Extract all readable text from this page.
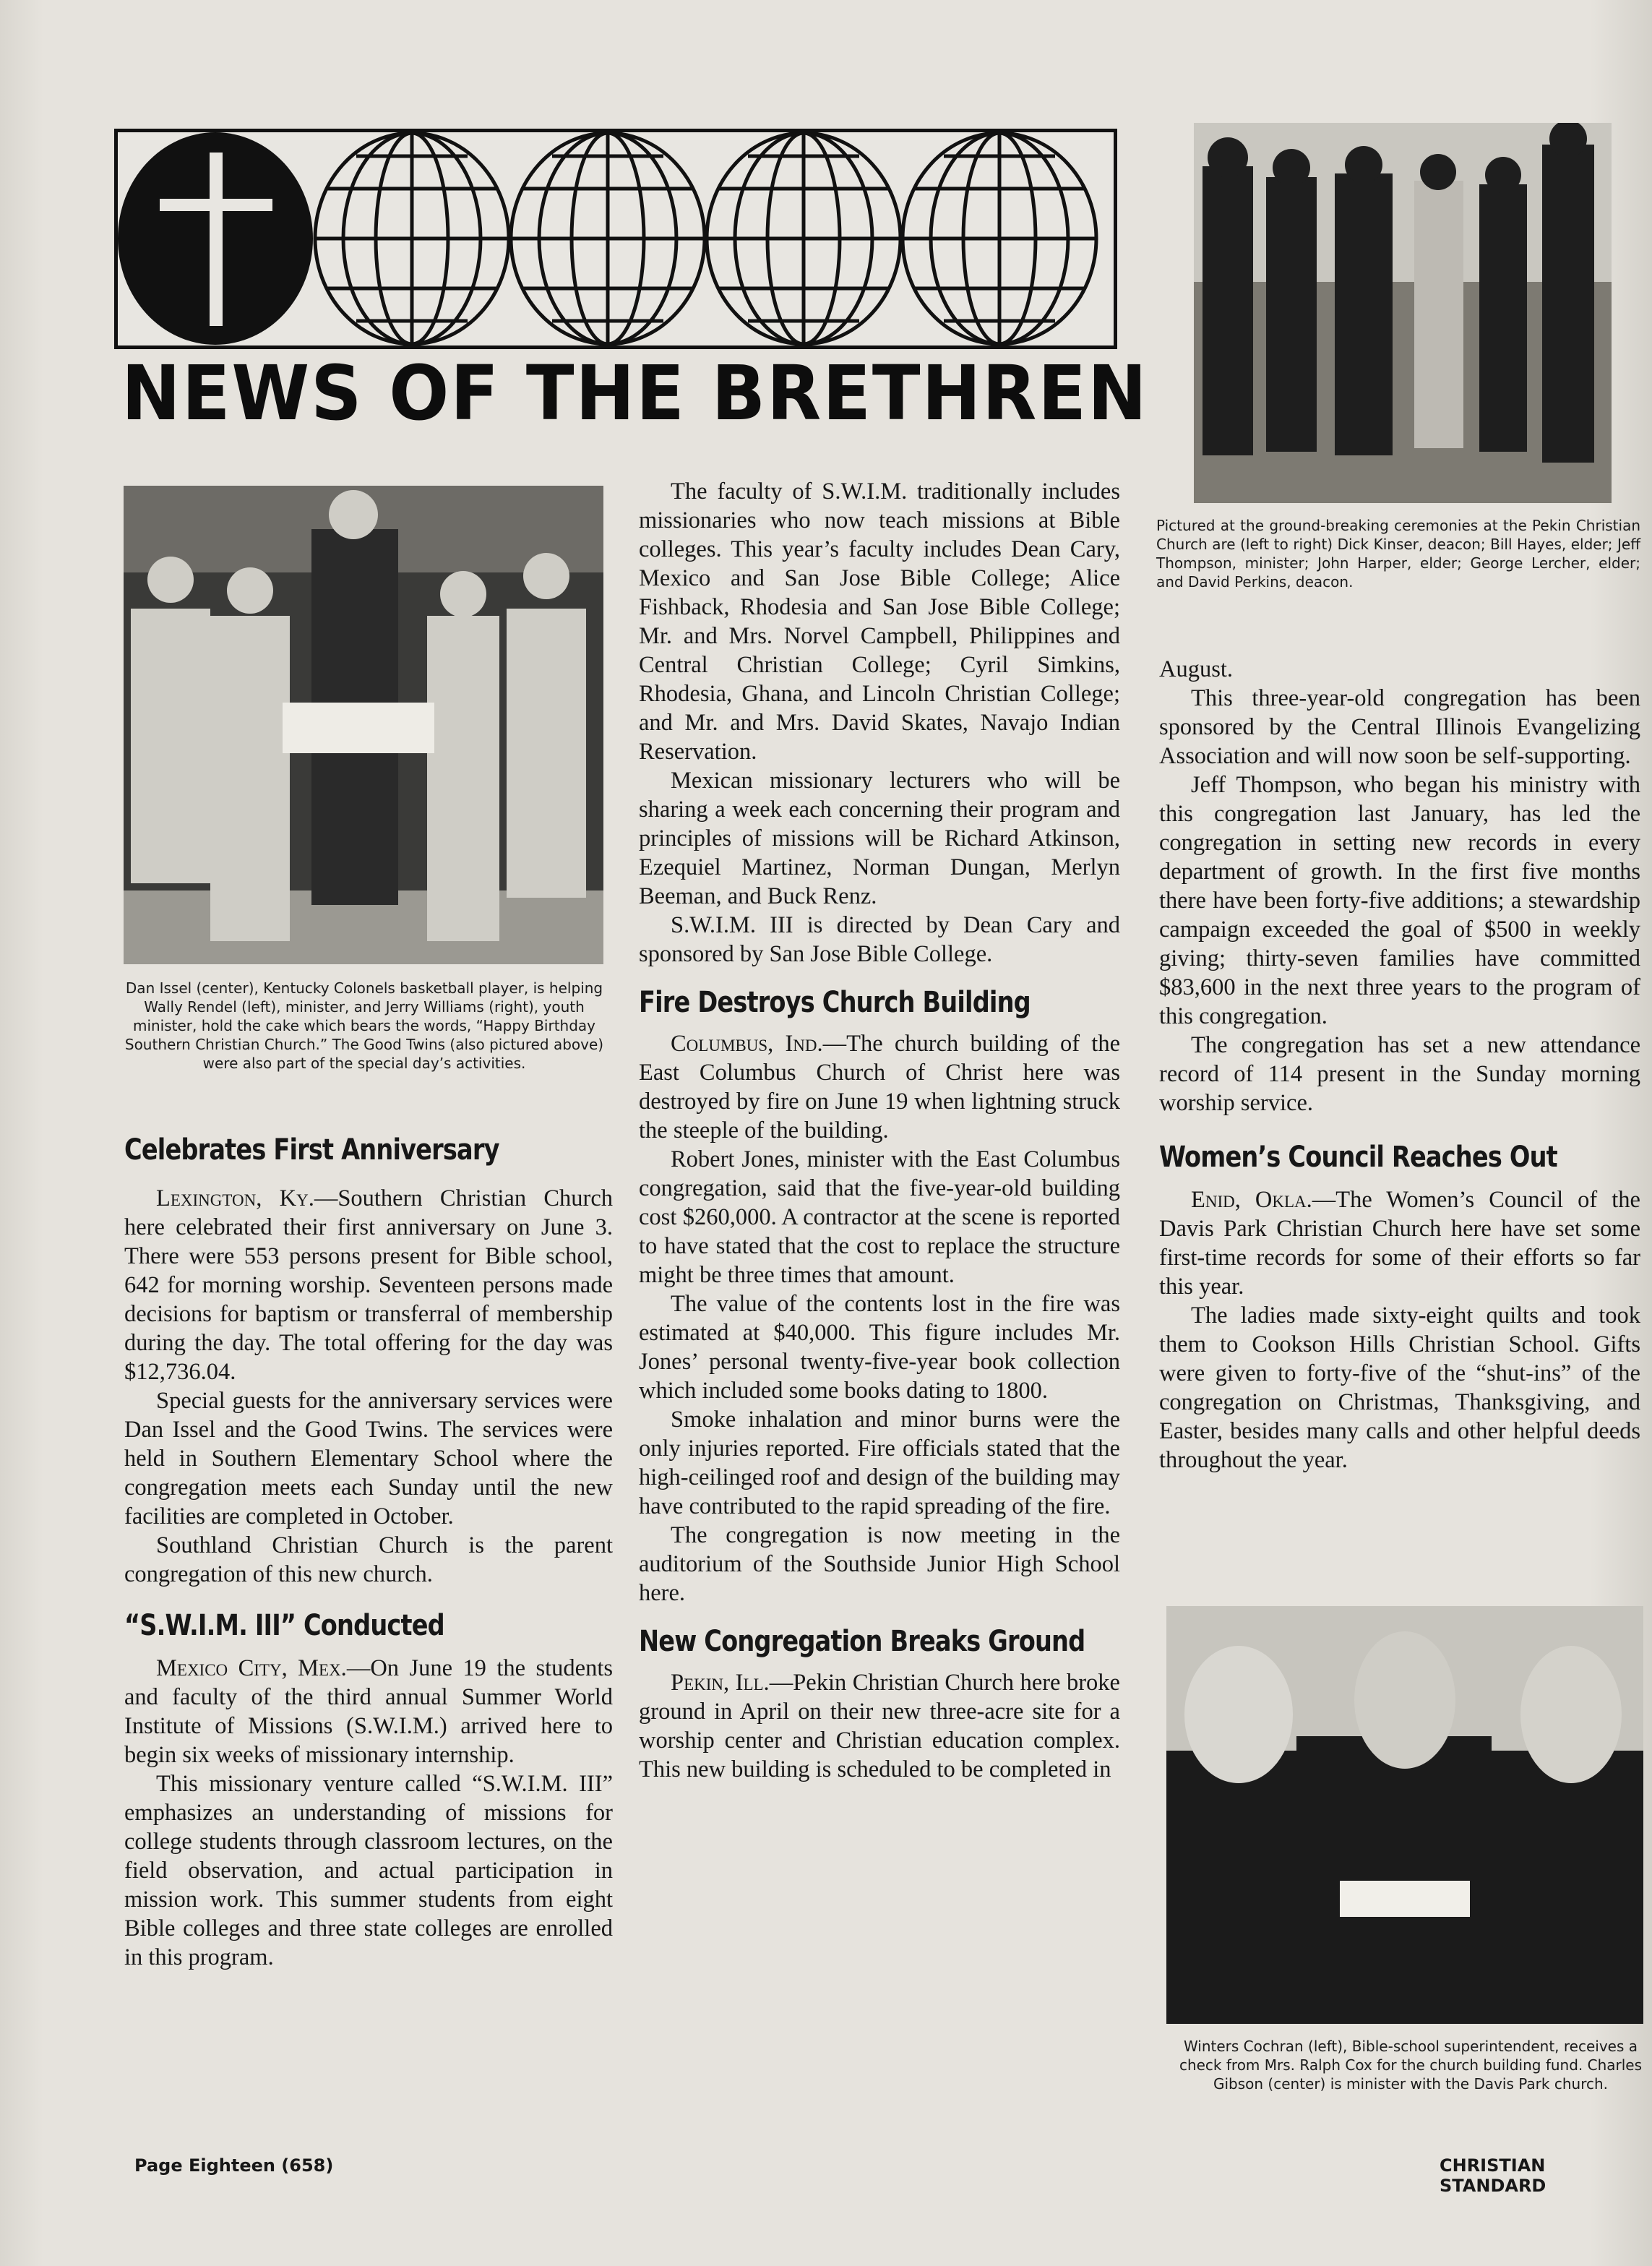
NEWS OF THE BRETHREN
Pictured at the ground-breaking ceremonies at the Pekin Christian Church are (left to right) Dick Kinser, deacon; Bill Hayes, elder; Jeff Thompson, minister; John Harper, elder; George Lercher, elder; and David Perkins, deacon.
Dan Issel (center), Kentucky Colonels basketball player, is helping Wally Rendel (left), minister, and Jerry Williams (right), youth minister, hold the cake which bears the words, “Happy Birthday Southern Christian Church.” The Good Twins (also pictured above) were also part of the special day’s activities.
Winters Cochran (left), Bible-school superintendent, receives a check from Mrs. Ralph Cox for the church building fund. Charles Gibson (center) is minister with the Davis Park church.
Celebrates First Anniversary

Lexington, Ky.—Southern Christian Church here celebrated their first anniversary on June 3. There were 553 persons present for Bible school, 642 for morning worship. Seventeen persons made decisions for baptism or transferral of membership during the day. The total offering for the day was $12,736.04.

Special guests for the anniversary services were Dan Issel and the Good Twins. The services were held in Southern Elementary School where the congregation meets each Sunday until the new facilities are completed in October.

Southland Christian Church is the parent congregation of this new church.

“S.W.I.M. III” Conducted

Mexico City, Mex.—On June 19 the students and faculty of the third annual Summer World Institute of Missions (S.W.I.M.) arrived here to begin six weeks of missionary internship.

This missionary venture called “S.W.I.M. III” emphasizes an understanding of missions for college students through classroom lectures, on the field observation, and actual participation in mission work. This summer students from eight Bible colleges and three state colleges are enrolled in this program.

The faculty of S.W.I.M. traditionally includes missionaries who now teach missions at Bible colleges. This year’s faculty includes Dean Cary, Mexico and San Jose Bible College; Alice Fishback, Rhodesia and San Jose Bible College; Mr. and Mrs. Norvel Campbell, Philippines and Central Christian College; Cyril Simkins, Rhodesia, Ghana, and Lincoln Christian College; and Mr. and Mrs. David Skates, Navajo Indian Reservation.

Mexican missionary lecturers who will be sharing a week each concerning their program and principles of missions will be Richard Atkinson, Ezequiel Martinez, Norman Dungan, Merlyn Beeman, and Buck Renz.

S.W.I.M. III is directed by Dean Cary and sponsored by San Jose Bible College.

Fire Destroys Church Building

Columbus, Ind.—The church building of the East Columbus Church of Christ here was destroyed by fire on June 19 when lightning struck the steeple of the building.

Robert Jones, minister with the East Columbus congregation, said that the five-year-old building cost $260,000. A contractor at the scene is reported to have stated that the cost to replace the structure might be three times that amount.

The value of the contents lost in the fire was estimated at $40,000. This figure includes Mr. Jones’ personal twenty-five-year book collection which included some books dating to 1800.

Smoke inhalation and minor burns were the only injuries reported. Fire officials stated that the high-ceilinged roof and design of the building may have contributed to the rapid spreading of the fire.

The congregation is now meeting in the auditorium of the Southside Junior High School here.

New Congregation Breaks Ground

Pekin, Ill.—Pekin Christian Church here broke ground in April on their new three-acre site for a worship center and Christian education complex. This new building is scheduled to be completed in

August.

This three-year-old congregation has been sponsored by the Central Illinois Evangelizing Association and will now soon be self-supporting.

Jeff Thompson, who began his ministry with this congregation last January, has led the congregation in setting new records in every department of growth. In the first five months there have been forty-five additions; a stewardship campaign exceeded the goal of $500 in weekly giving; thirty-seven families have committed $83,600 in the next three years to the program of this congregation.

The congregation has set a new attendance record of 114 present in the Sunday morning worship service.

Women’s Council Reaches Out

Enid, Okla.—The Women’s Council of the Davis Park Christian Church here have set some first-time records for some of their efforts so far this year.

The ladies made sixty-eight quilts and took them to Cookson Hills Christian School. Gifts were given to forty-five of the “shut-ins” of the congregation on Christmas, Thanksgiving, and Easter, besides many calls and other helpful deeds throughout the year.

Page Eighteen (658)	CHRISTIAN STANDARD
